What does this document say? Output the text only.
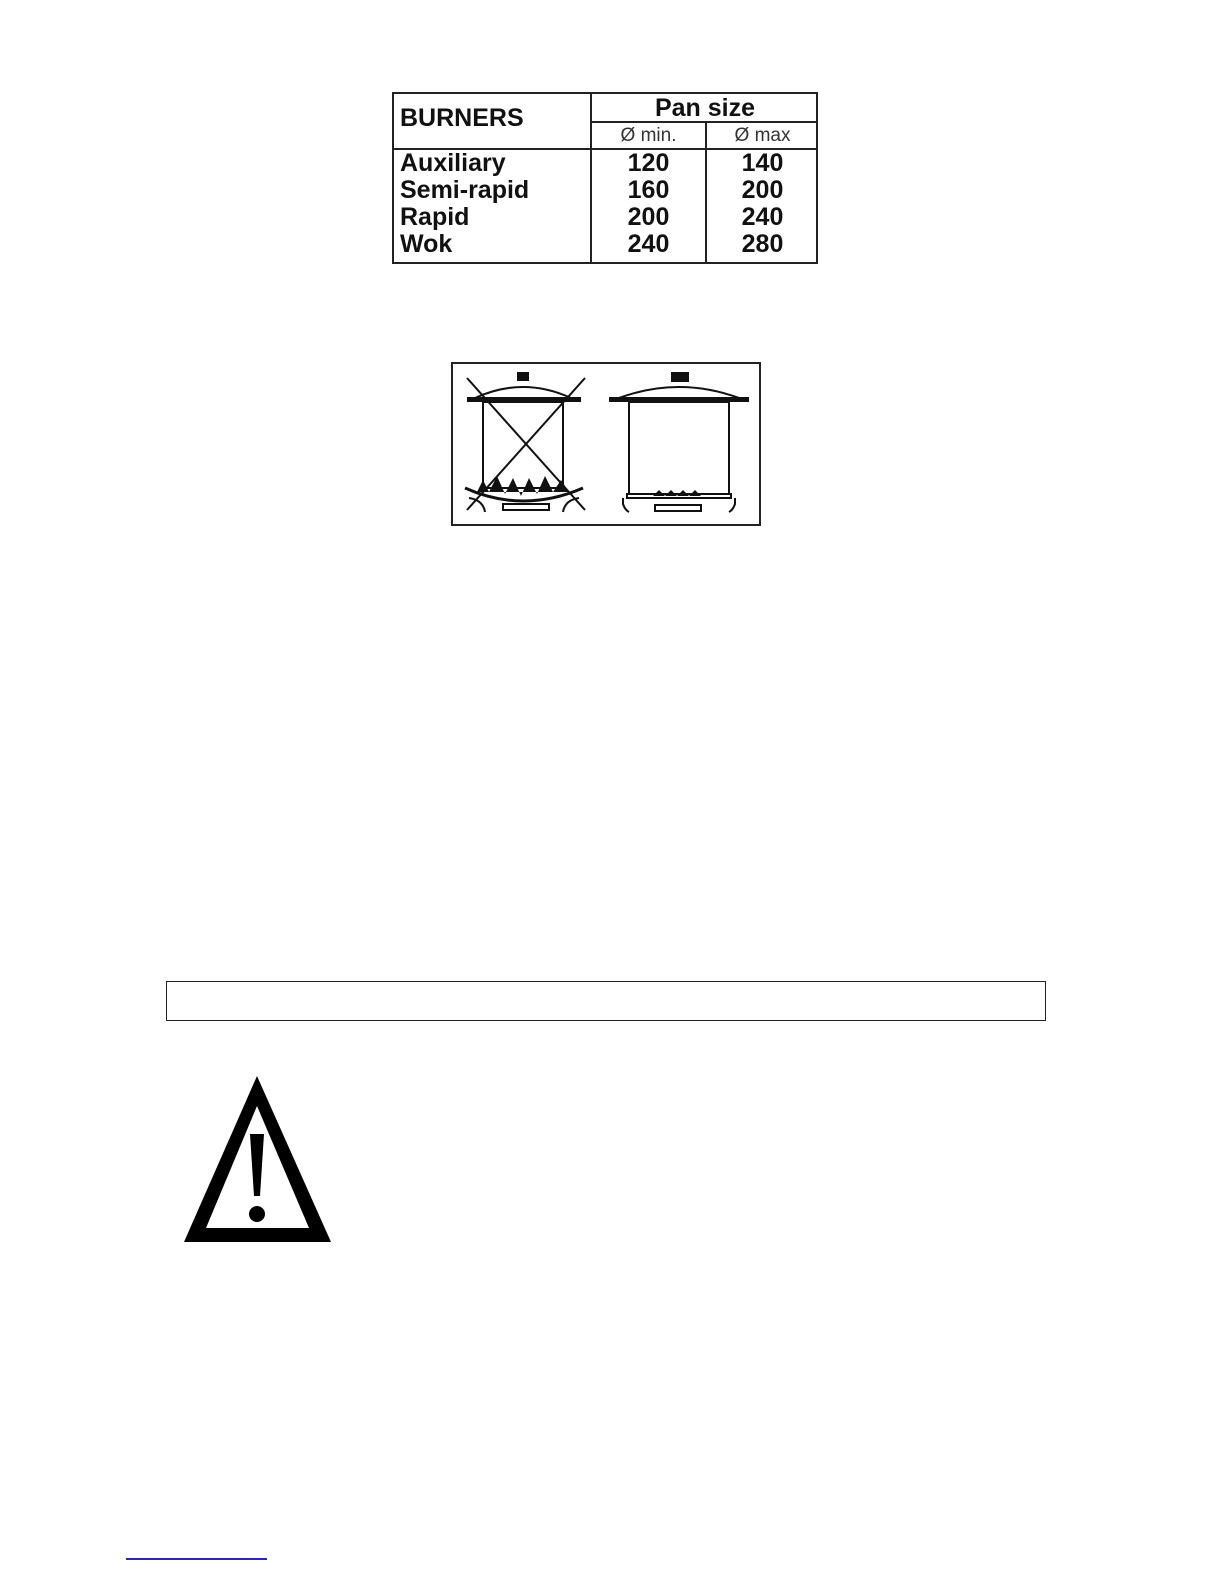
BURNERS	Pan size
Ø min.	Ø max
Auxiliary
Semi-rapid
Rapid
Wok
120
160
200
240
140
200
240
280
